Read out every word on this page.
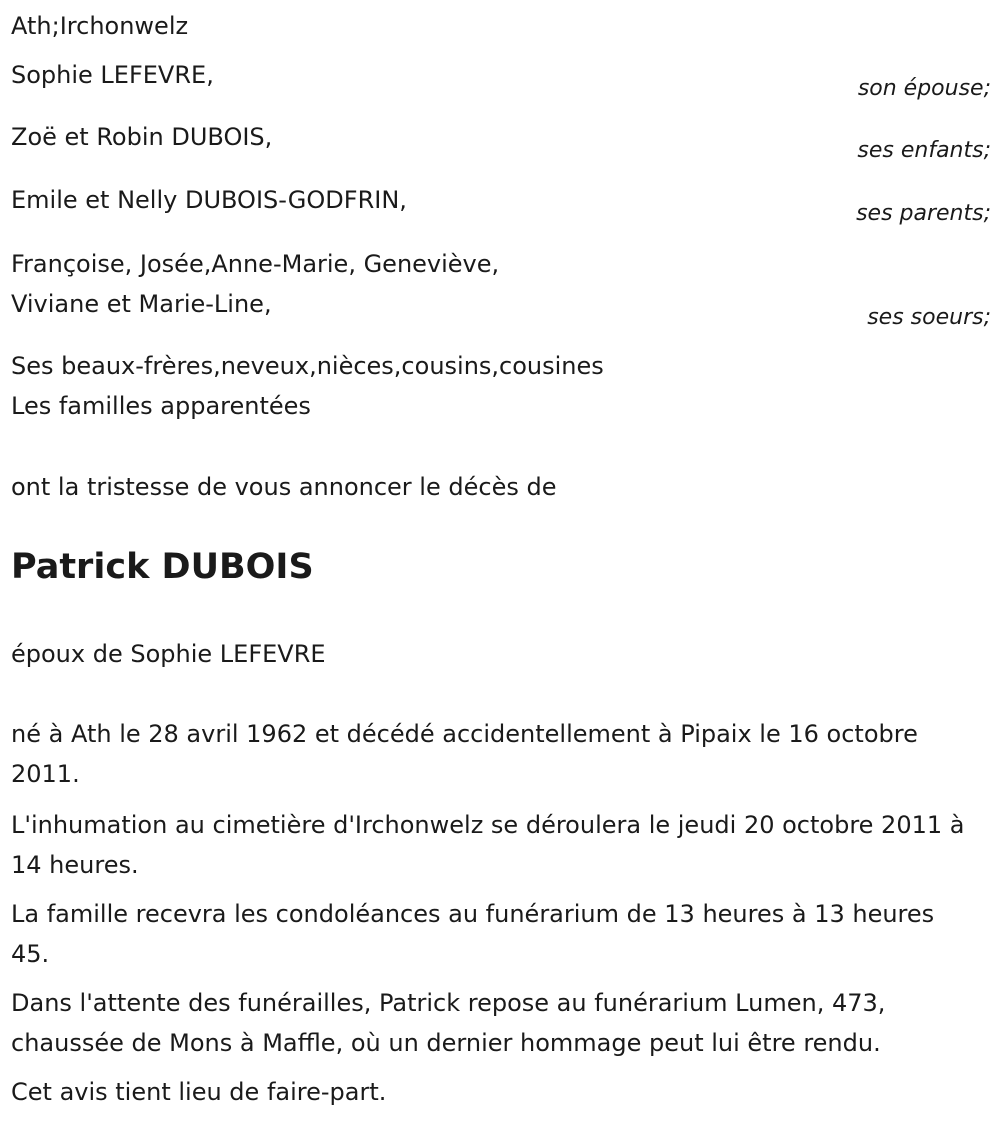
Ath;Irchonwelz
Sophie LEFEVRE,	son épouse;
Zoë et Robin DUBOIS,	ses enfants;
Emile et Nelly DUBOIS-GODFRIN,	ses parents;
Françoise, Josée,Anne-Marie, Geneviève,
Viviane et Marie-Line,	ses soeurs;
Ses beaux-frères,neveux,nièces,cousins,cousines
Les familles apparentées
ont la tristesse de vous annoncer le décès de
Patrick DUBOIS
époux de Sophie LEFEVRE
né à Ath le 28 avril 1962 et décédé accidentellement à Pipaix le 16 octobre 2011.
L'inhumation au cimetière d'Irchonwelz se déroulera le jeudi 20 octobre 2011 à 14 heures.
La famille recevra les condoléances au funérarium de 13 heures à 13 heures 45.
Dans l'attente des funérailles, Patrick repose au funérarium Lumen, 473, chaussée de Mons à Maffle, où un dernier hommage peut lui être rendu.
Cet avis tient lieu de faire-part.
